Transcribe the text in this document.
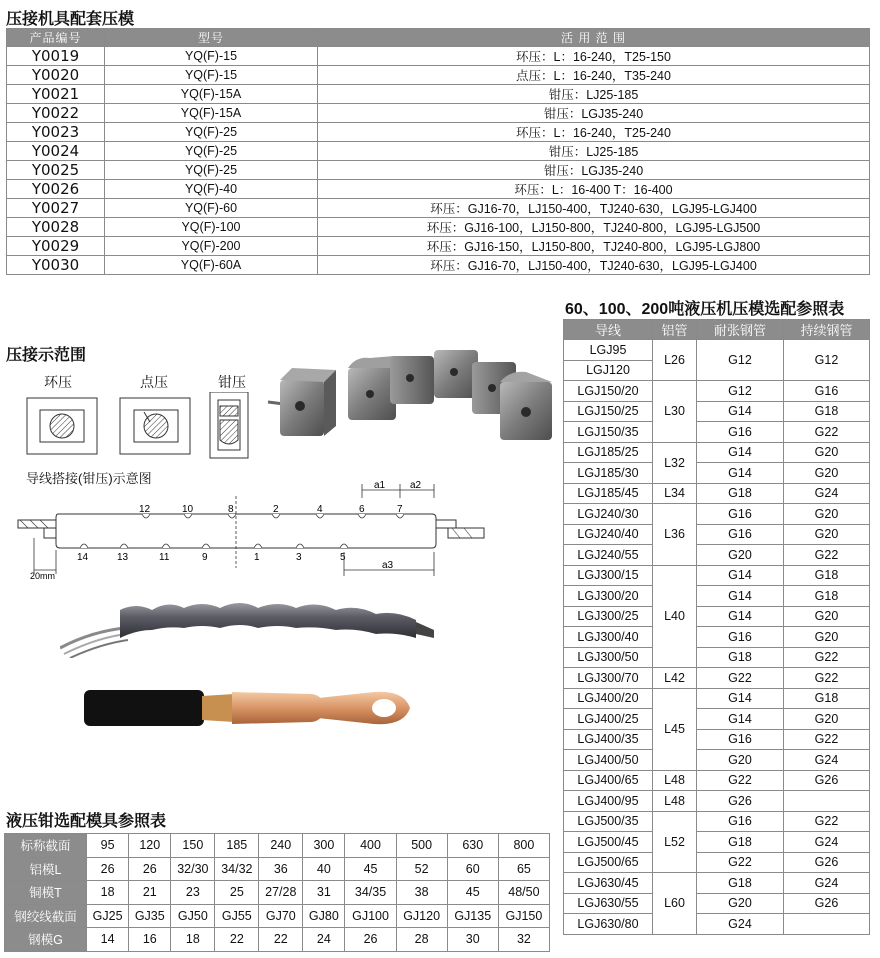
压接机具配套压模
60、100、200吨液压机压模选配参照表
压接示范围
液压钳选配模具参照表
产品编号	型号	活 用 范 围
Y0019	YQ(F)-15	环压：L：16-240，T25-150
Y0020	YQ(F)-15	点压：L：16-240，T35-240
Y0021	YQ(F)-15A	钳压：LJ25-185
Y0022	YQ(F)-15A	钳压：LGJ35-240
Y0023	YQ(F)-25	环压：L：16-240，T25-240
Y0024	YQ(F)-25	钳压：LJ25-185
Y0025	YQ(F)-25	钳压：LGJ35-240
Y0026	YQ(F)-40	环压：L：16-400 T：16-400
Y0027	YQ(F)-60	环压：GJ16-70，LJ150-400，TJ240-630，LGJ95-LGJ400
Y0028	YQ(F)-100	环压：GJ16-100，LJ150-800，TJ240-800，LGJ95-LGJ500
Y0029	YQ(F)-200	环压：GJ16-150，LJ150-800，TJ240-800，LGJ95-LGJ800
Y0030	YQ(F)-60A	环压：GJ16-70，LJ150-400，TJ240-630，LGJ95-LGJ400
环压	点压	钳压
导线搭接(钳压)示意图	a1 a2
12	10	8	2	4	6	7
14	13	11	9	1	3	5
a3
20mm
导线	铝管	耐张钢管	持续钢管
LGJ95	L26	G12	G12
LGJ120			
LGJ150/20	L30	G12	G16
LGJ150/25		G14	G18
LGJ150/35		G16	G22
LGJ185/25	L32	G14	G20
LGJ185/30		G14	G20
LGJ185/45	L34	G18	G24
LGJ240/30	L36	G16	G20
LGJ240/40		G16	G20
LGJ240/55		G20	G22
LGJ300/15	L40	G14	G18
LGJ300/20		G14	G18
LGJ300/25		G14	G20
LGJ300/40		G16	G20
LGJ300/50		G18	G22
LGJ300/70	L42	G22	G22
LGJ400/20	L45	G14	G18
LGJ400/25		G14	G20
LGJ400/35		G16	G22
LGJ400/50		G20	G24
LGJ400/65	L48	G22	G26
LGJ400/95	L48	G26	
LGJ500/35	L52	G16	G22
LGJ500/45		G18	G24
LGJ500/65		G22	G26
LGJ630/45	L60	G18	G24
LGJ630/55		G20	G26
LGJ630/80		G24	
标称截面	95	120	150	185	240	300	400	500	630	800
铝模L	26	26	32/30	34/32	36	40	45	52	60	65
铜模T	18	21	23	25	27/28	31	34/35	38	45	48/50
钢绞线截面	GJ25	GJ35	GJ50	GJ55	GJ70	GJ80	GJ100	GJ120	GJ135	GJ150
钢模G	14	16	18	22	22	24	26	28	30	32
